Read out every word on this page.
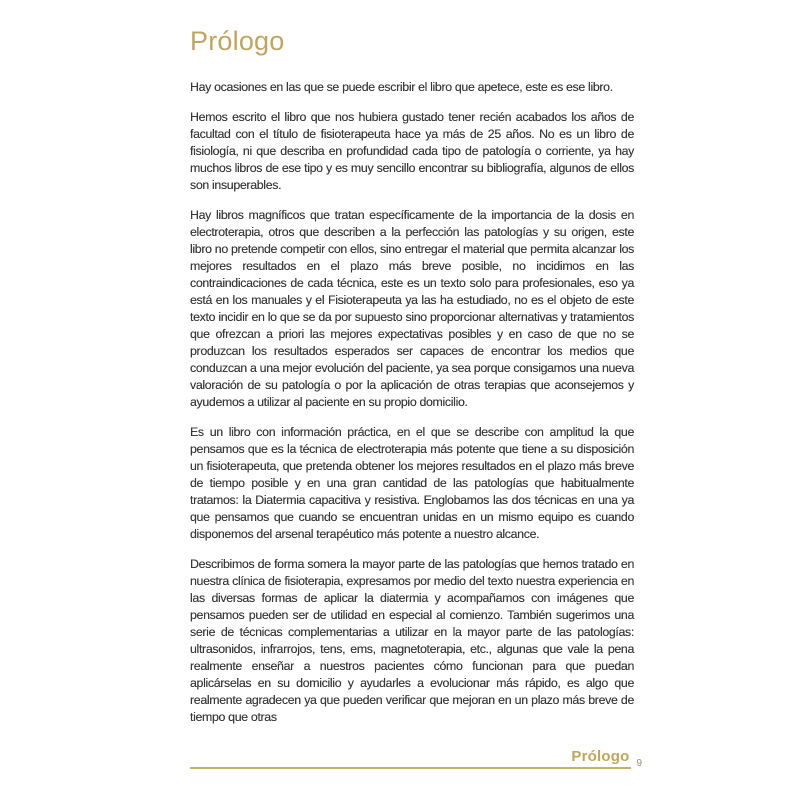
Prólogo

Hay ocasiones en las que se puede escribir el libro que apetece, este es ese libro.

Hemos escrito el libro que nos hubiera gustado tener recién acabados los años de facultad con el título de fisioterapeuta hace ya más de 25 años. No es un libro de fisiología, ni que describa en profundidad cada tipo de patología o corriente, ya hay muchos libros de ese tipo y es muy sencillo encontrar su bibliografía, algunos de ellos son insuperables.

Hay libros magníficos que tratan específicamente de la importancia de la dosis en electroterapia, otros que describen a la perfección las patologías y su origen, este libro no pretende competir con ellos, sino entregar el material que permita alcanzar los mejores resultados en el plazo más breve posible, no incidimos en las contraindicaciones de cada técnica, este es un texto solo para profesionales, eso ya está en los manuales y el Fisioterapeuta ya las ha estudiado, no es el objeto de este texto incidir en lo que se da por supuesto sino proporcionar alternativas y tratamientos que ofrezcan a priori las mejores expectativas posibles y en caso de que no se produzcan los resultados esperados ser capaces de encontrar los medios que conduzcan a una mejor evolución del paciente, ya sea porque consigamos una nueva valoración de su patología o por la aplicación de otras terapias que aconsejemos y ayudemos a utilizar al paciente en su propio domicilio.

Es un libro con información práctica, en el que se describe con amplitud la que pensamos que es la técnica de electroterapia más potente que tiene a su disposición un fisioterapeuta, que pretenda obtener los mejores resultados en el plazo más breve de tiempo posible y en una gran cantidad de las patologías que habitualmente tratamos: la Diatermia capacitiva y resistiva. Englobamos las dos técnicas en una ya que pensamos que cuando se encuentran unidas en un mismo equipo es cuando disponemos del arsenal terapéutico más potente a nuestro alcance.

Describimos de forma somera la mayor parte de las patologías que hemos tratado en nuestra clínica de fisioterapia, expresamos por medio del texto nuestra experiencia en las diversas formas de aplicar la diatermia y acompañamos con imágenes que pensamos pueden ser de utilidad en especial al comienzo. También sugerimos una serie de técnicas complementarias a utilizar en la mayor parte de las patologías: ultrasonidos, infrarrojos, tens, ems, magnetoterapia, etc., algunas que vale la pena realmente enseñar a nuestros pacientes cómo funcionan para que puedan aplicárselas en su domicilio y ayudarles a evolucionar más rápido, es algo que realmente agradecen ya que pueden verificar que mejoran en un plazo más breve de tiempo que otras

Prólogo 9
